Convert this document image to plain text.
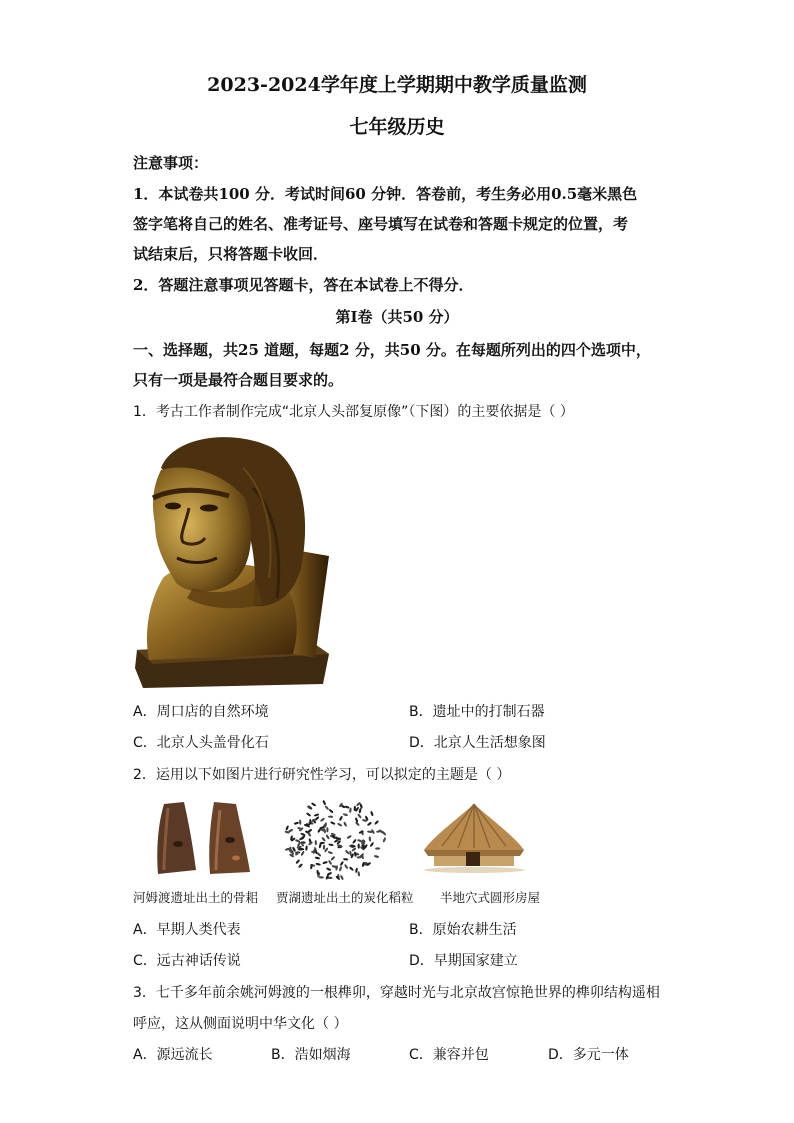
2023-2024学年度上学期期中教学质量监测
七年级历史
注意事项：
1．本试卷共100 分．考试时间60 分钟．答卷前，考生务必用0.5毫米黑色
签字笔将自己的姓名、准考证号、座号填写在试卷和答题卡规定的位置，考
试结束后，只将答题卡收回．
2．答题注意事项见答题卡，答在本试卷上不得分．
第Ⅰ卷（共50 分）
一、选择题，共25 道题，每题2 分，共50 分。在每题所列出的四个选项中，
只有一项是最符合题目要求的。
1．考古工作者制作完成“北京人头部复原像”（下图）的主要依据是（ ）
A．周口店的自然环境	B．遗址中的打制石器
C．北京人头盖骨化石	D．北京人生活想象图
2．运用以下如图片进行研究性学习，可以拟定的主题是（ ）
河姆渡遗址出土的骨耜 贾湖遗址出土的炭化稻粒 半地穴式圆形房屋
A．早期人类代表	B．原始农耕生活
C．远古神话传说	D．早期国家建立
3．七千多年前余姚河姆渡的一根榫卯，穿越时光与北京故宫惊艳世界的榫卯结构遥相
呼应，这从侧面说明中华文化（ ）
A．源远流长	B．浩如烟海	C．兼容并包	D．多元一体
